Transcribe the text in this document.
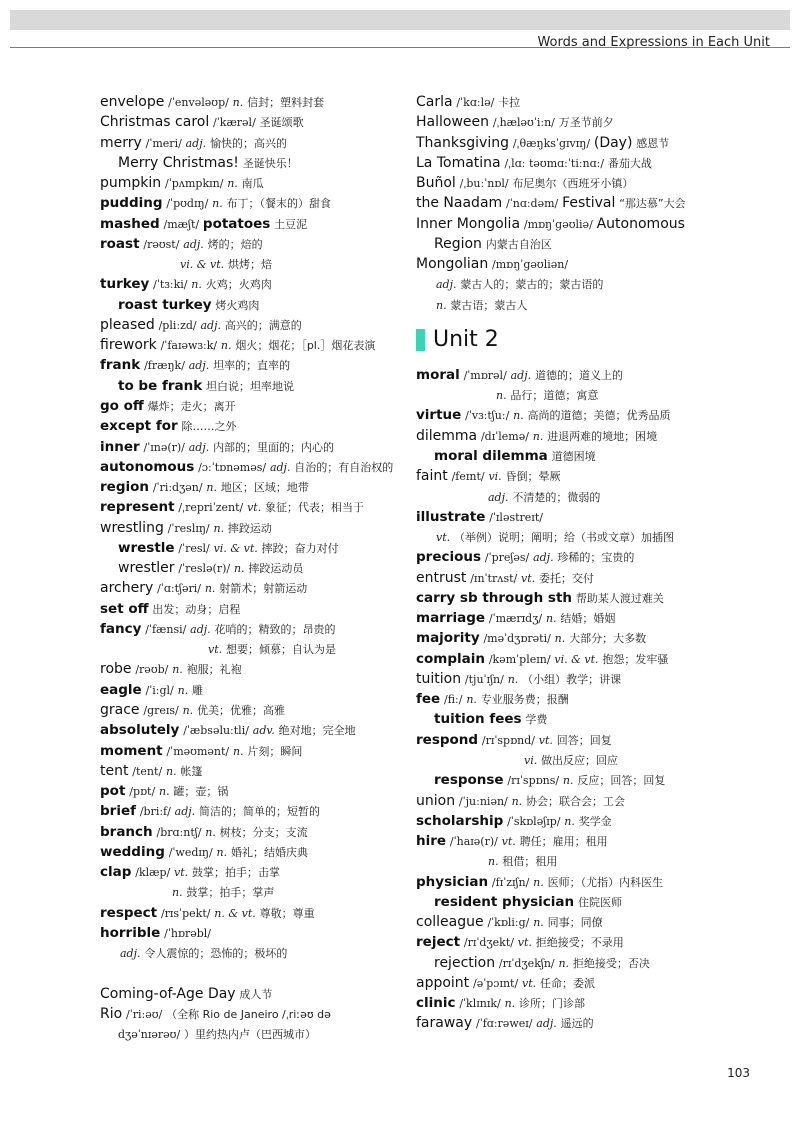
Words and Expressions in Each Unit
envelope /ˈenvələʊp/ n. 信封；塑料封套
Christmas carol /ˈkærəl/ 圣诞颂歌
merry /ˈmeri/ adj. 愉快的；高兴的
Merry Christmas! 圣诞快乐！
pumpkin /ˈpʌmpkɪn/ n. 南瓜
pudding /ˈpʊdɪŋ/ n. 布丁；（餐末的）甜食
mashed /mæʃt/ potatoes 土豆泥
roast /rəʊst/ adj. 烤的；焙的
vi. & vt. 烘烤；焙
turkey /ˈtɜːki/ n. 火鸡；火鸡肉
roast turkey 烤火鸡肉
pleased /pliːzd/ adj. 高兴的；满意的
firework /ˈfaɪəwɜːk/ n. 烟火；烟花；［pl.］烟花表演
frank /fræŋk/ adj. 坦率的；直率的
to be frank 坦白说；坦率地说
go off 爆炸；走火；离开
except for 除……之外
inner /ˈɪnə(r)/ adj. 内部的；里面的；内心的
autonomous /ɔːˈtɒnəməs/ adj. 自治的；有自治权的
region /ˈriːdʒən/ n. 地区；区域；地带
represent /ˌrepriˈzent/ vt. 象征；代表；相当于
wrestling /ˈreslɪŋ/ n. 摔跤运动
wrestle /ˈresl/ vi. & vt. 摔跤；奋力对付
wrestler /ˈreslə(r)/ n. 摔跤运动员
archery /ˈɑːtʃəri/ n. 射箭术；射箭运动
set off 出发；动身；启程
fancy /ˈfænsi/ adj. 花哨的；精致的；昂贵的
vt. 想要；倾慕；自认为是
robe /rəʊb/ n. 袍服；礼袍
eagle /ˈiːgl/ n. 雕
grace /greɪs/ n. 优美；优雅；高雅
absolutely /ˈæbsəluːtli/ adv. 绝对地；完全地
moment /ˈməʊmənt/ n. 片刻；瞬间
tent /tent/ n. 帐篷
pot /pɒt/ n. 罐；壶；锅
brief /briːf/ adj. 简洁的；简单的；短暂的
branch /brɑːntʃ/ n. 树枝；分支；支流
wedding /ˈwedɪŋ/ n. 婚礼；结婚庆典
clap /klæp/ vt. 鼓掌；拍手；击掌
n. 鼓掌；拍手；掌声
respect /rɪsˈpekt/ n. & vt. 尊敬；尊重
horrible /ˈhɒrəbl/
adj. 令人震惊的；恐怖的；极坏的
Coming-of-Age Day 成人节
Rio /ˈriːəʊ/ （全称 Rio de Janeiro /ˌriːəʊ də
dʒəˈnɪərəʊ/ ）里约热内卢（巴西城市）
Carla /ˈkɑːlə/ 卡拉
Halloween /ˌhæləʊˈiːn/ 万圣节前夕
Thanksgiving /ˌθæŋksˈgɪvɪŋ/ (Day) 感恩节
La Tomatina /ˌlɑː təʊmɑːˈtiːnɑː/ 番茄大战
Buñol /ˌbuːˈnɒl/ 布尼奥尔（西班牙小镇）
the Naadam /ˈnɑːdəm/ Festival “那达慕”大会
Inner Mongolia /mɒŋˈgəʊliə/ Autonomous
Region 内蒙古自治区
Mongolian /mɒŋˈgəʊliən/
adj. 蒙古人的；蒙古的；蒙古语的
n. 蒙古语；蒙古人
Unit 2
moral /ˈmɒrəl/ adj. 道德的；道义上的
n. 品行；道德；寓意
virtue /ˈvɜːtʃuː/ n. 高尚的道德；美德；优秀品质
dilemma /dɪˈlemə/ n. 进退两难的境地；困境
moral dilemma 道德困境
faint /feɪnt/ vi. 昏倒；晕厥
adj. 不清楚的；微弱的
illustrate /ˈɪləstreɪt/
vt. （举例）说明；阐明；给（书或文章）加插图
precious /ˈpreʃəs/ adj. 珍稀的；宝贵的
entrust /ɪnˈtrʌst/ vt. 委托；交付
carry sb through sth 帮助某人渡过难关
marriage /ˈmærɪdʒ/ n. 结婚；婚姻
majority /məˈdʒɒrəti/ n. 大部分；大多数
complain /kəmˈpleɪn/ vi. & vt. 抱怨；发牢骚
tuition /tjuˈɪʃn/ n. （小组）教学；讲课
fee /fiː/ n. 专业服务费；报酬
tuition fees 学费
respond /rɪˈspɒnd/ vt. 回答；回复
vi. 做出反应；回应
response /rɪˈspɒns/ n. 反应；回答；回复
union /ˈjuːniən/ n. 协会；联合会；工会
scholarship /ˈskɒləʃɪp/ n. 奖学金
hire /ˈhaɪə(r)/ vt. 聘任；雇用；租用
n. 租借；租用
physician /fɪˈzɪʃn/ n. 医师；（尤指）内科医生
resident physician 住院医师
colleague /ˈkɒliːg/ n. 同事；同僚
reject /rɪˈdʒekt/ vt. 拒绝接受；不录用
rejection /rɪˈdʒekʃn/ n. 拒绝接受；否决
appoint /əˈpɔɪnt/ vt. 任命；委派
clinic /ˈklɪnɪk/ n. 诊所；门诊部
faraway /ˈfɑːrəweɪ/ adj. 遥远的
103
